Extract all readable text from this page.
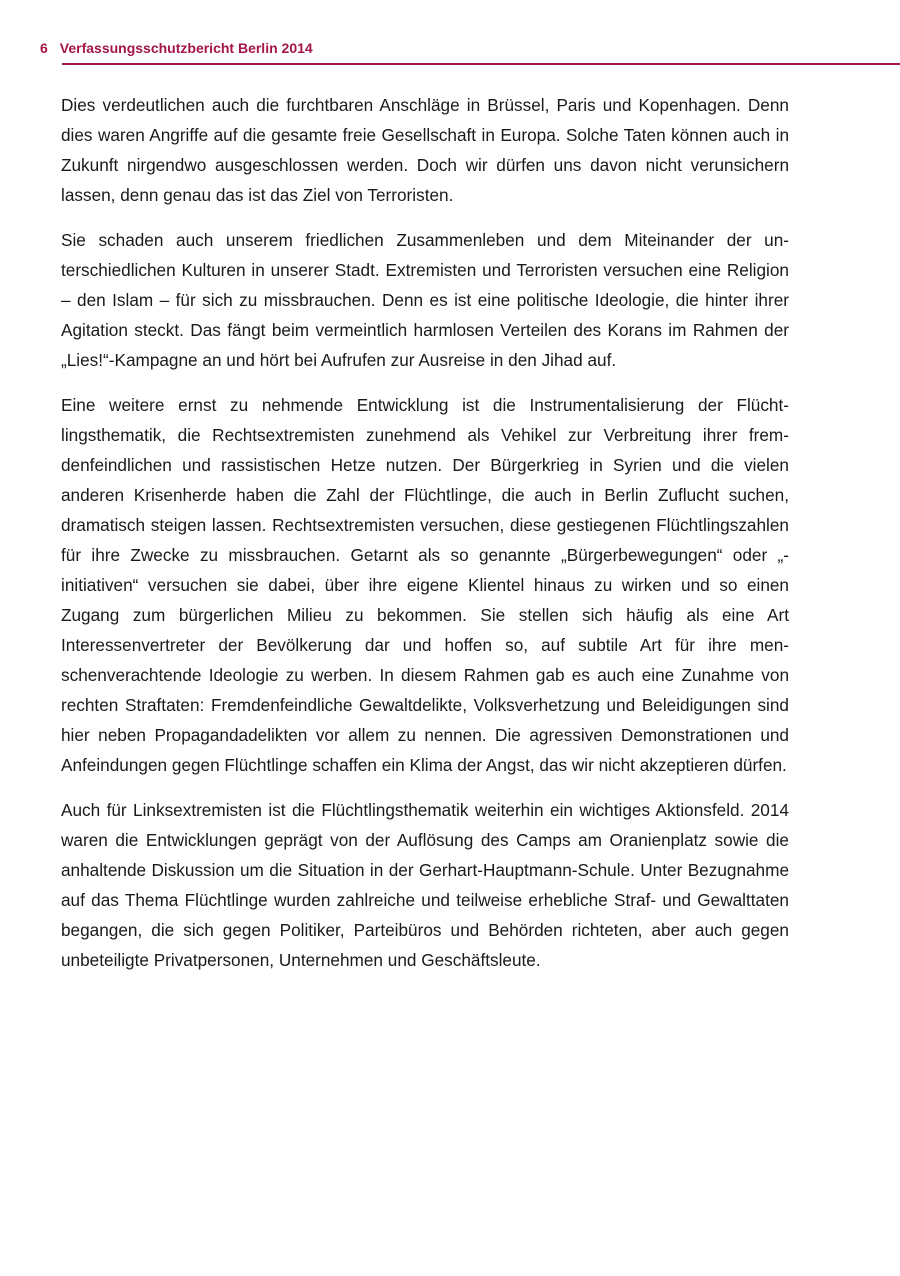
6 Verfassungsschutzbericht Berlin 2014

Dies verdeutlichen auch die furchtbaren Anschläge in Brüssel, Paris und Kopenhagen. Denn dies waren Angriffe auf die gesamte freie Gesellschaft in Europa. Solche Taten können auch in Zukunft nirgendwo ausgeschlossen werden. Doch wir dürfen uns davon nicht verunsichern lassen, denn genau das ist das Ziel von Terroristen.

Sie schaden auch unserem friedlichen Zusammenleben und dem Miteinander der unterschiedlichen Kulturen in unserer Stadt. Extremisten und Terroristen versuchen eine Religion – den Islam – für sich zu missbrauchen. Denn es ist eine politische Ideologie, die hinter ihrer Agitation steckt. Das fängt beim vermeintlich harmlosen Verteilen des Korans im Rahmen der „Lies!“-Kampagne an und hört bei Aufrufen zur Ausreise in den Jihad auf.

Eine weitere ernst zu nehmende Entwicklung ist die Instrumentalisierung der Flüchtlingsthematik, die Rechtsextremisten zunehmend als Vehikel zur Verbreitung ihrer fremdenfeindlichen und rassistischen Hetze nutzen. Der Bürgerkrieg in Syrien und die vielen anderen Krisenherde haben die Zahl der Flüchtlinge, die auch in Berlin Zuflucht suchen, dramatisch steigen lassen. Rechtsextremisten versuchen, diese gestiegenen Flüchtlingszahlen für ihre Zwecke zu missbrauchen. Getarnt als so genannte „Bürgerbewegungen“ oder „-initiativen“ versuchen sie dabei, über ihre eigene Klientel hinaus zu wirken und so einen Zugang zum bürgerlichen Milieu zu bekommen. Sie stellen sich häufig als eine Art Interessenvertreter der Bevölkerung dar und hoffen so, auf subtile Art für ihre menschenverachtende Ideologie zu werben. In diesem Rahmen gab es auch eine Zunahme von rechten Straftaten: Fremdenfeindliche Gewaltdelikte, Volksverhetzung und Beleidigungen sind hier neben Propagandadelikten vor allem zu nennen. Die agressiven Demonstrationen und Anfeindungen gegen Flüchtlinge schaffen ein Klima der Angst, das wir nicht akzeptieren dürfen.

Auch für Linksextremisten ist die Flüchtlingsthematik weiterhin ein wichtiges Aktionsfeld. 2014 waren die Entwicklungen geprägt von der Auflösung des Camps am Oranienplatz sowie die anhaltende Diskussion um die Situation in der Gerhart-Hauptmann-Schule. Unter Bezugnahme auf das Thema Flüchtlinge wurden zahlreiche und teilweise erhebliche Straf- und Gewalttaten begangen, die sich gegen Politiker, Parteibüros und Behörden richteten, aber auch gegen unbeteiligte Privatpersonen, Unternehmen und Geschäftsleute.
